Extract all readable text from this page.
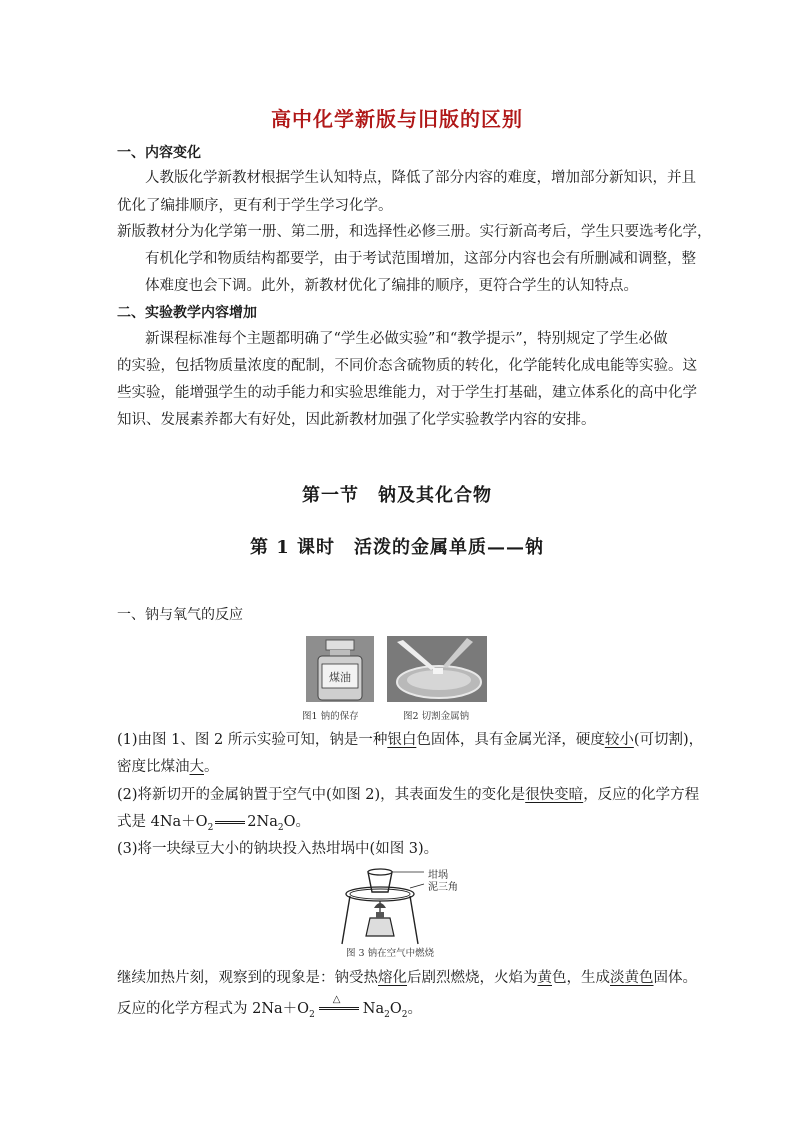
高中化学新版与旧版的区别
一、内容变化
人教版化学新教材根据学生认知特点，降低了部分内容的难度，增加部分新知识，并且
优化了编排顺序，更有利于学生学习化学。
新版教材分为化学第一册、第二册，和选择性必修三册。实行新高考后，学生只要选考化学，
有机化学和物质结构都要学，由于考试范围增加，这部分内容也会有所删减和调整，整
体难度也会下调。此外，新教材优化了编排的顺序，更符合学生的认知特点。
二、实验教学内容增加
新课程标准每个主题都明确了“学生必做实验”和“教学提示”，特别规定了学生必做
的实验，包括物质量浓度的配制，不同价态含硫物质的转化，化学能转化成电能等实验。这
些实验，能增强学生的动手能力和实验思维能力，对于学生打基础，建立体系化的高中化学
知识、发展素养都大有好处，因此新教材加强了化学实验教学内容的安排。
第一节　钠及其化合物
第 1 课时　活泼的金属单质——钠
一、钠与氧气的反应
煤油
图1 钠的保存	图2 切割金属钠
(1)由图 1、图 2 所示实验可知，钠是一种银白色固体，具有金属光泽，硬度较小(可切割)，
密度比煤油大。
(2)将新切开的金属钠置于空气中(如图 2)，其表面发生的变化是很快变暗，反应的化学方程
式是 $4Na+O_2$ $2Na_2O$。
(3)将一块绿豆大小的钠块投入热坩埚中(如图 3)。
坩埚
泥三角
图 3 钠在空气中燃烧
继续加热片刻，观察到的现象是：钠受热熔化后剧烈燃烧，火焰为黄色，生成淡黄色固体。
反应的化学方程式为 $2Na+O_2$
△
$Na_2O_2$。
